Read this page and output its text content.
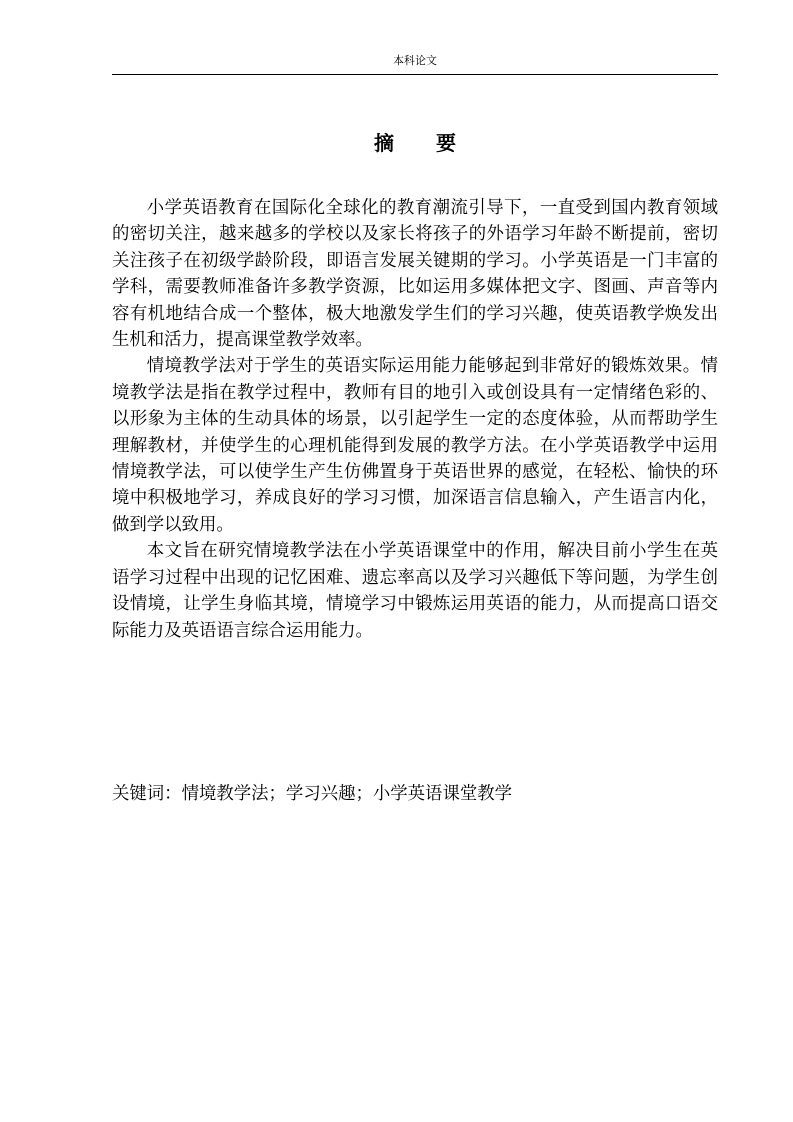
本科论文
摘要

小学英语教育在国际化全球化的教育潮流引导下，一直受到国内教育领域的密切关注，越来越多的学校以及家长将孩子的外语学习年龄不断提前，密切关注孩子在初级学龄阶段，即语言发展关键期的学习。小学英语是一门丰富的学科，需要教师准备许多教学资源，比如运用多媒体把文字、图画、声音等内容有机地结合成一个整体，极大地激发学生们的学习兴趣，使英语教学焕发出生机和活力，提高课堂教学效率。

情境教学法对于学生的英语实际运用能力能够起到非常好的锻炼效果。情境教学法是指在教学过程中，教师有目的地引入或创设具有一定情绪色彩的、以形象为主体的生动具体的场景，以引起学生一定的态度体验，从而帮助学生理解教材，并使学生的心理机能得到发展的教学方法。在小学英语教学中运用情境教学法，可以使学生产生仿佛置身于英语世界的感觉，在轻松、愉快的环境中积极地学习，养成良好的学习习惯，加深语言信息输入，产生语言内化，做到学以致用。

本文旨在研究情境教学法在小学英语课堂中的作用，解决目前小学生在英语学习过程中出现的记忆困难、遗忘率高以及学习兴趣低下等问题，为学生创设情境，让学生身临其境，情境学习中锻炼运用英语的能力，从而提高口语交际能力及英语语言综合运用能力。

关键词：情境教学法；学习兴趣；小学英语课堂教学
